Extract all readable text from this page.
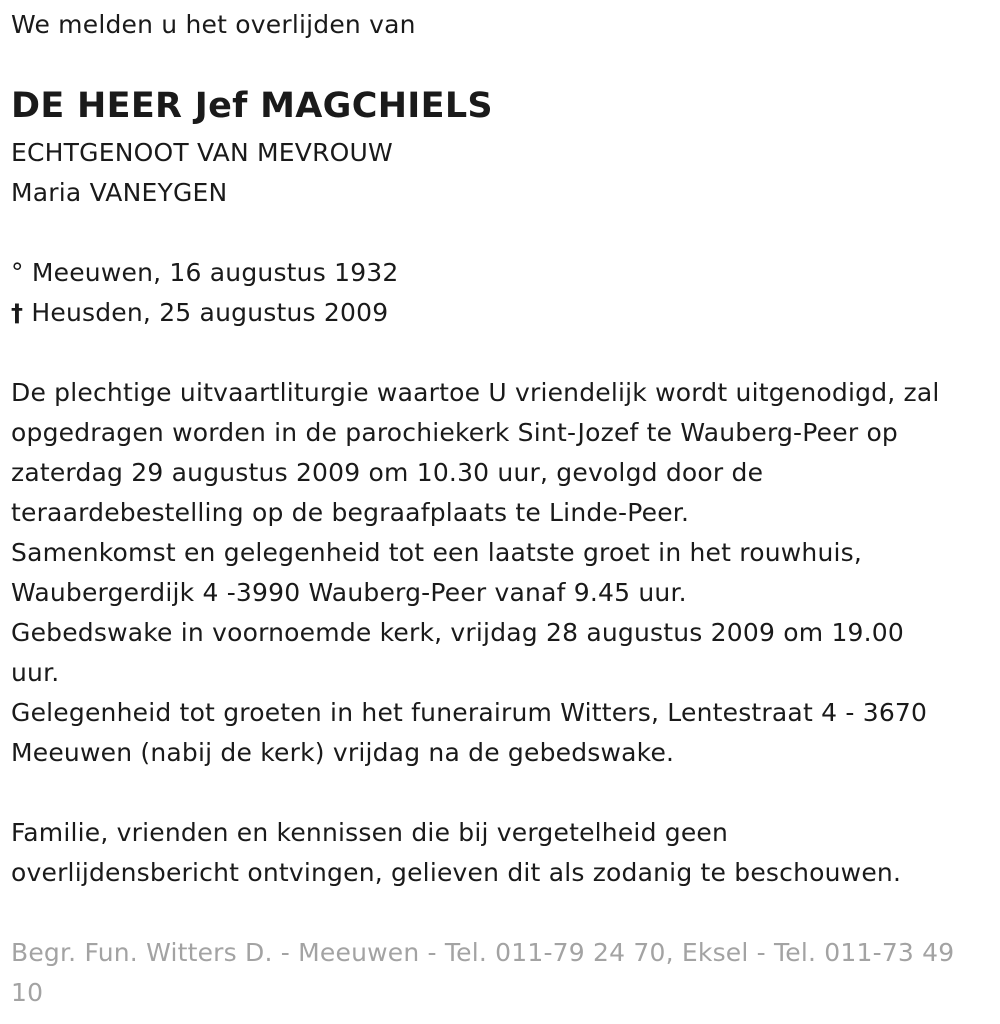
We melden u het overlijden van

DE HEER Jef MAGCHIELS

ECHTGENOOT VAN MEVROUW

Maria VANEYGEN

° Meeuwen, 16 augustus 1932

† Heusden, 25 augustus 2009

De plechtige uitvaartliturgie waartoe U vriendelijk wordt uitgenodigd, zal

opgedragen worden in de parochiekerk Sint-Jozef te Wauberg-Peer op

zaterdag 29 augustus 2009 om 10.30 uur, gevolgd door de

teraardebestelling op de begraafplaats te Linde-Peer.

Samenkomst en gelegenheid tot een laatste groet in het rouwhuis,

Waubergerdijk 4 -3990 Wauberg-Peer vanaf 9.45 uur.

Gebedswake in voornoemde kerk, vrijdag 28 augustus 2009 om 19.00

uur.

Gelegenheid tot groeten in het funerairum Witters, Lentestraat 4 - 3670

Meeuwen (nabij de kerk) vrijdag na de gebedswake.

Familie, vrienden en kennissen die bij vergetelheid geen

overlijdensbericht ontvingen, gelieven dit als zodanig te beschouwen.

Begr. Fun. Witters D. - Meeuwen - Tel. 011-79 24 70, Eksel - Tel. 011-73 49

10
